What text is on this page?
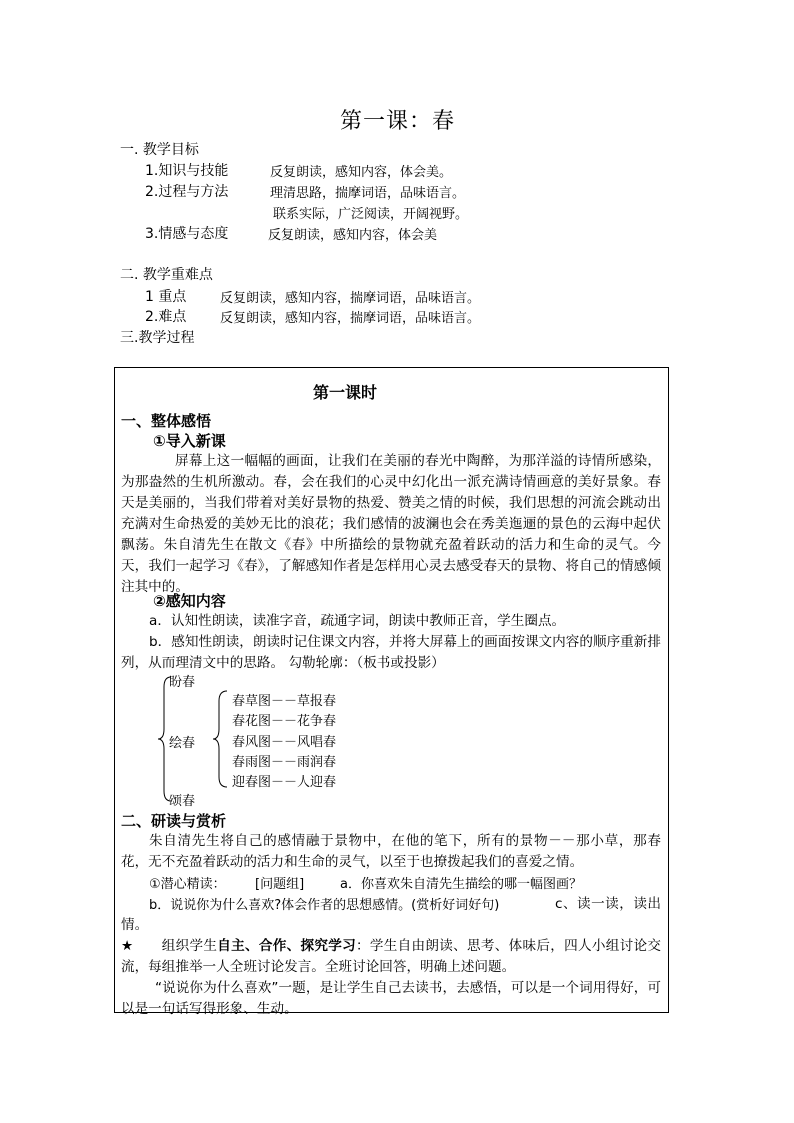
第一课：春
一. 教学目标
1.知识与技能	反复朗读，感知内容，体会美。
2.过程与方法	理清思路，揣摩词语，品味语言。
联系实际，广泛阅读，开阔视野。
3.情感与态度	反复朗读，感知内容，体会美
二. 教学重难点
1 重点	反复朗读，感知内容，揣摩词语，品味语言。
2.难点	反复朗读，感知内容，揣摩词语，品味语言。
三.教学过程
第一课时
一、整体感悟
①导入新课
屏幕上这一幅幅的画面，让我们在美丽的春光中陶醉，为那洋溢的诗情所感染，为那盎然的生机所激动。春，会在我们的心灵中幻化出一派充满诗情画意的美好景象。春天是美丽的，当我们带着对美好景物的热爱、赞美之情的时候，我们思想的河流会跳动出充满对生命热爱的美妙无比的浪花；我们感情的波澜也会在秀美迤逦的景色的云海中起伏飘荡。朱自清先生在散文《春》中所描绘的景物就充盈着跃动的活力和生命的灵气。今天，我们一起学习《春》，了解感知作者是怎样用心灵去感受春天的景物、将自己的情感倾注其中的。
②感知内容
a．认知性朗读，读准字音，疏通字词，朗读中教师正音，学生圈点。
b．感知性朗读，朗读时记住课文内容，并将大屏幕上的画面按课文内容的顺序重新排列，从而理清文中的思路。 勾勒轮廓：（板书或投影）
盼春
绘春
颂春
春草图－－草报春
春花图－－花争春
春风图－－风唱春
春雨图－－雨润春
迎春图－－人迎春
二、研读与赏析
朱自清先生将自己的感情融于景物中，在他的笔下，所有的景物－－那小草，那春花，无不充盈着跃动的活力和生命的灵气，以至于也撩拨起我们的喜爱之情。
①潜心精读： [问题组]	a．你喜欢朱自清先生描绘的哪一幅图画？
b．说说你为什么喜欢?体会作者的思想感情。(赏析好词好句)	c、读一读，读出情。
★ 组织学生自主、合作、探究学习：学生自由朗读、思考、体味后，四人小组讨论交流，每组推举一人全班讨论发言。全班讨论回答，明确上述问题。
“说说你为什么喜欢”一题，是让学生自己去读书，去感悟，可以是一个词用得好，可以是一句话写得形象、生动。
